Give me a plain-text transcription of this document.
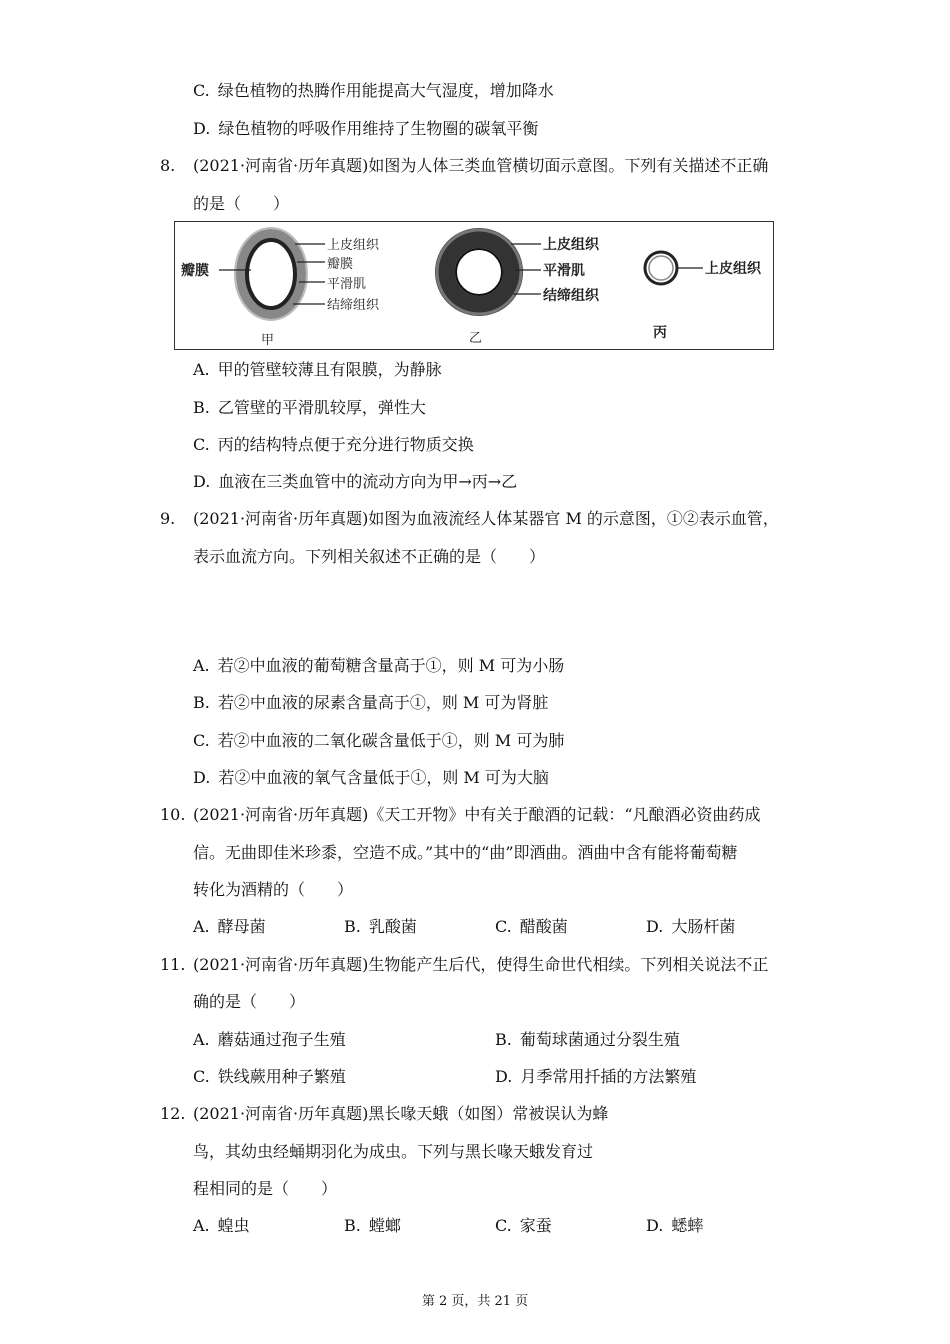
C. 绿色植物的热腾作用能提高大气湿度，增加降水
D. 绿色植物的呼吸作用维持了生物圈的碳氧平衡
8. (2021·河南省·历年真题)如图为人体三类血管横切面示意图。下列有关描述不正确
的是（　　）
瓣膜
上皮组织
瓣膜
平滑肌
结缔组织
甲
上皮组织
平滑肌
结缔组织
乙
上皮组织
丙
A. 甲的管壁较薄且有限膜，为静脉
B. 乙管壁的平滑肌较厚，弹性大
C. 丙的结构特点便于充分进行物质交换
D. 血液在三类血管中的流动方向为甲→丙→乙
9. (2021·河南省·历年真题)如图为血液流经人体某器官 M 的示意图，①②表示血管，
表示血流方向。下列相关叙述不正确的是（　　）
A. 若②中血液的葡萄糖含量高于①，则 M 可为小肠
B. 若②中血液的尿素含量高于①，则 M 可为肾脏
C. 若②中血液的二氧化碳含量低于①，则 M 可为肺
D. 若②中血液的氧气含量低于①，则 M 可为大脑
10. (2021·河南省·历年真题)《天工开物》中有关于酿酒的记载：“凡酿酒必资曲药成
信。无曲即佳米珍黍，空造不成。”其中的“曲”即酒曲。酒曲中含有能将葡萄糖
转化为酒精的（　　）
A. 酵母菌	B. 乳酸菌	C. 醋酸菌	D. 大肠杆菌
11. (2021·河南省·历年真题)生物能产生后代，使得生命世代相续。下列相关说法不正
确的是（　　）
A. 蘑菇通过孢子生殖	B. 葡萄球菌通过分裂生殖
C. 铁线蕨用种子繁殖	D. 月季常用扦插的方法繁殖
12. (2021·河南省·历年真题)黑长喙天蛾（如图）常被误认为蜂
鸟，其幼虫经蛹期羽化为成虫。下列与黑长喙天蛾发育过
程相同的是（　　）
A. 蝗虫	B. 螳螂	C. 家蚕	D. 蟋蟀
第 2 页，共 21 页
